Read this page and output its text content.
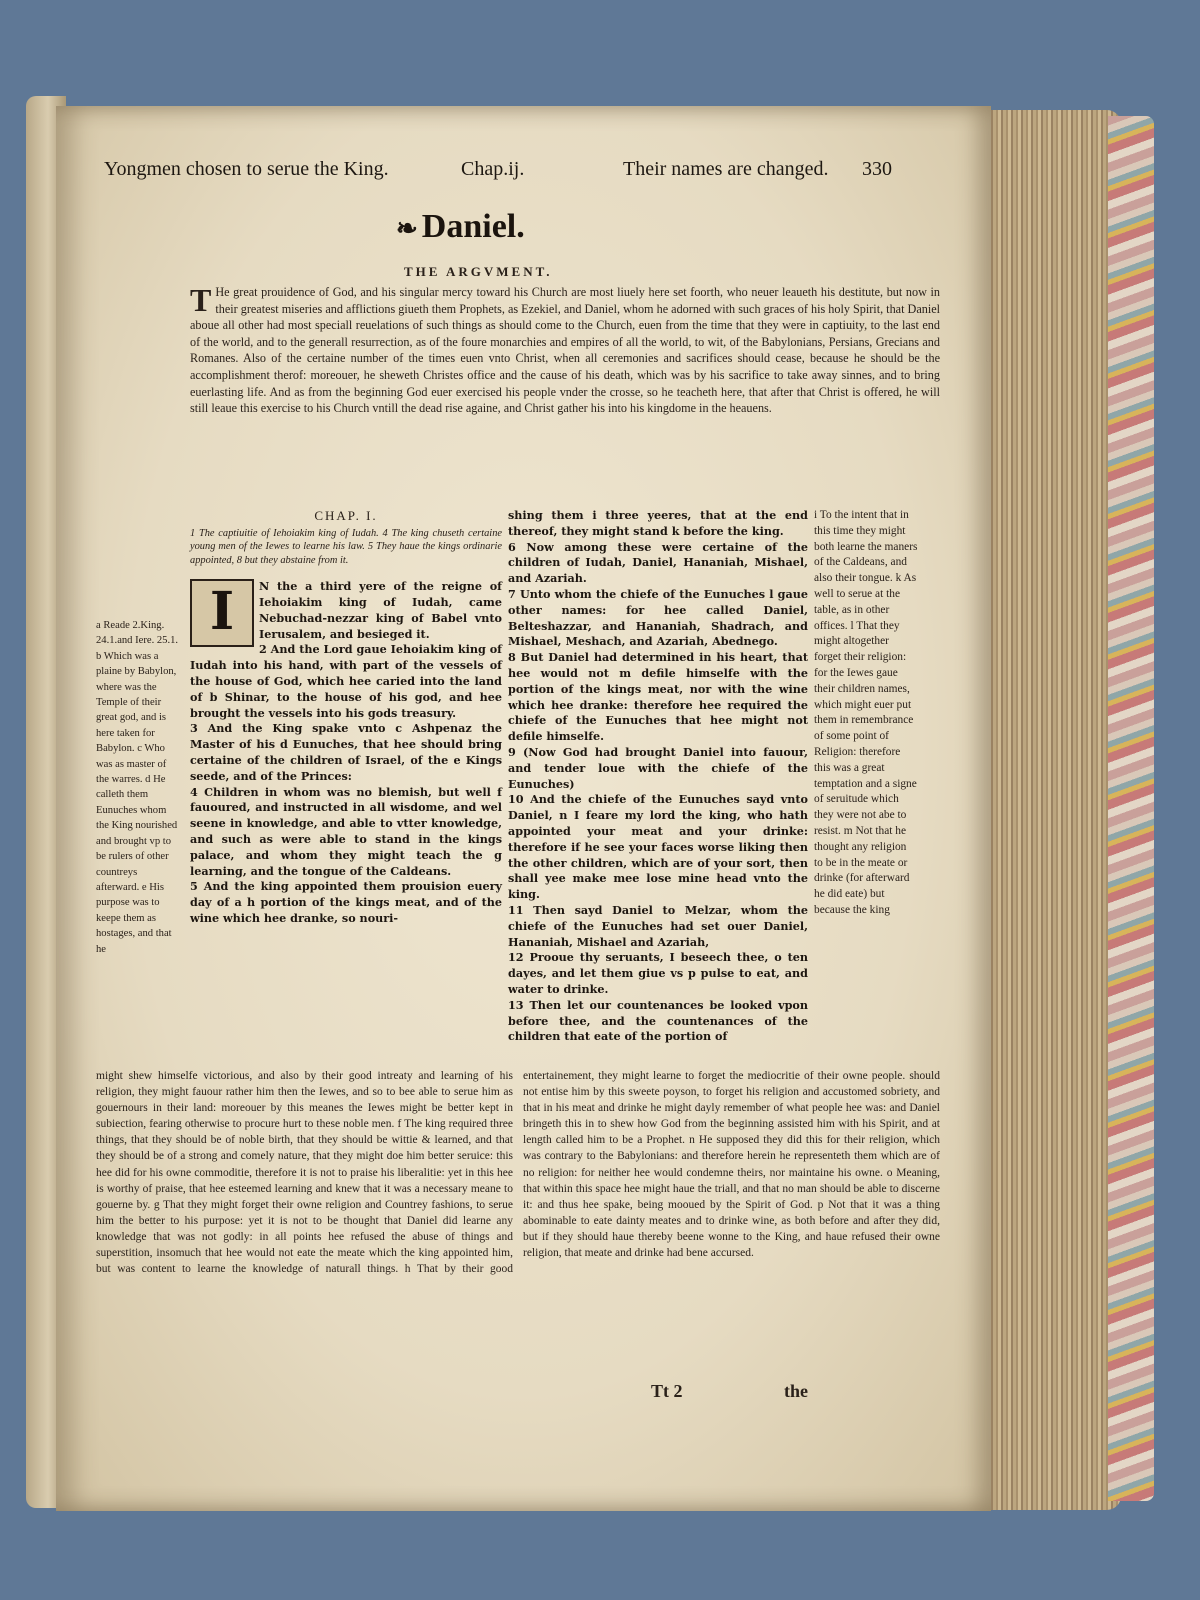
Yongmen chosen to serue the King.	Chap.ij.	Their names are changed. 330
❧ Daniel.
THE ARGVMENT.
T He great prouidence of God, and his singular mercy toward his Church are most liuely here set foorth, who neuer leaueth his destitute, but now in their greatest miseries and afflictions giueth them Prophets, as Ezekiel, and Daniel, whom he adorned with such graces of his holy Spirit, that Daniel aboue all other had most speciall reuelations of such things as should come to the Church, euen from the time that they were in captiuity, to the last end of the world, and to the generall resurrection, as of the foure monarchies and empires of all the world, to wit, of the Babylonians, Persians, Grecians and Romanes. Also of the certaine number of the times euen vnto Christ, when all ceremonies and sacrifices should cease, because he should be the accomplishment therof: moreouer, he sheweth Christes office and the cause of his death, which was by his sacrifice to take away sinnes, and to bring euerlasting life. And as from the beginning God euer exercised his people vnder the crosse, so he teacheth here, that after that Christ is offered, he will still leaue this exercise to his Church vntill the dead rise againe, and Christ gather his into his kingdome in the heauens.
a Reade 2.King. 24.1.and Iere. 25.1. b Which was a plaine by Babylon, where was the Temple of their great god, and is here taken for Babylon. c Who was as master of the warres. d He calleth them Eunuches whom the King nourished and brought vp to be rulers of other countreys afterward. e His purpose was to keepe them as hostages, and that he
CHAP. I.
1 The captiuitie of Iehoiakim king of Iudah. 4 The king chuseth certaine young men of the Iewes to learne his law. 5 They haue the kings ordinarie appointed, 8 but they abstaine from it.
I	N the a third yere of the reigne of Iehoiakim king of Iudah, came Nebuchad-nezzar king of Babel vnto Ierusalem, and besieged it.

2 And the Lord gaue Iehoiakim king of Iudah into his hand, with part of the vessels of the house of God, which hee caried into the land of b Shinar, to the house of his god, and hee brought the vessels into his gods treasury.

3 And the King spake vnto c Ashpenaz the Master of his d Eunuches, that hee should bring certaine of the children of Israel, of the e Kings seede, and of the Princes:

4 Children in whom was no blemish, but well f fauoured, and instructed in all wisdome, and wel seene in knowledge, and able to vtter knowledge, and such as were able to stand in the kings palace, and whom they might teach the g learning, and the tongue of the Caldeans.

5 And the king appointed them prouision euery day of a h portion of the kings meat, and of the wine which hee dranke, so nouri-

shing them i three yeeres, that at the end thereof, they might stand k before the king.

6 Now among these were certaine of the children of Iudah, Daniel, Hananiah, Mishael, and Azariah.

7 Unto whom the chiefe of the Eunuches l gaue other names: for hee called Daniel, Belteshazzar, and Hananiah, Shadrach, and Mishael, Meshach, and Azariah, Abednego.

8 But Daniel had determined in his heart, that hee would not m defile himselfe with the portion of the kings meat, nor with the wine which hee dranke: therefore hee required the chiefe of the Eunuches that hee might not defile himselfe.

9 (Now God had brought Daniel into fauour, and tender loue with the chiefe of the Eunuches)

10 And the chiefe of the Eunuches sayd vnto Daniel, n I feare my lord the king, who hath appointed your meat and your drinke: therefore if he see your faces worse liking then the other children, which are of your sort, then shall yee make mee lose mine head vnto the king.

11 Then sayd Daniel to Melzar, whom the chiefe of the Eunuches had set ouer Daniel, Hananiah, Mishael and Azariah,

12 Prooue thy seruants, I beseech thee, o ten dayes, and let them giue vs p pulse to eat, and water to drinke.

13 Then let our countenances be looked vpon before thee, and the countenances of the children that eate of the portion of

i To the intent that in this time they might both learne the maners of the Caldeans, and also their tongue. k As well to serue at the table, as in other offices. l That they might altogether forget their religion: for the Iewes gaue their children names, which might euer put them in remembrance of some point of Religion: therefore this was a great temptation and a signe of seruitude which they were not abe to resist. m Not that he thought any religion to be in the meate or drinke (for afterward he did eate) but because the king
might shew himselfe victorious, and also by their good intreaty and learning of his religion, they might fauour rather him then the Iewes, and so to bee able to serue him as gouernours in their land: moreouer by this meanes the Iewes might be better kept in subiection, fearing otherwise to procure hurt to these noble men. f The king required three things, that they should be of noble birth, that they should be wittie & learned, and that they should be of a strong and comely nature, that they might doe him better seruice: this hee did for his owne commoditie, therefore it is not to praise his liberalitie: yet in this hee is worthy of praise, that hee esteemed learning and knew that it was a necessary meane to gouerne by. g That they might forget their owne religion and Countrey fashions, to serue him the better to his purpose: yet it is not to be thought that Daniel did learne any knowledge that was not godly: in all points hee refused the abuse of things and superstition, insomuch that hee would not eate the meate which the king appointed him, but was content to learne the knowledge of naturall things. h That by their good entertainement, they might learne to forget the mediocritie of their owne people. should not entise him by this sweete poyson, to forget his religion and accustomed sobriety, and that in his meat and drinke he might dayly remember of what people hee was: and Daniel bringeth this in to shew how God from the beginning assisted him with his Spirit, and at length called him to be a Prophet. n He supposed they did this for their religion, which was contrary to the Babylonians: and therefore herein he representeth them which are of no religion: for neither hee would condemne theirs, nor maintaine his owne. o Meaning, that within this space hee might haue the triall, and that no man should be able to discerne it: and thus hee spake, being mooued by the Spirit of God. p Not that it was a thing abominable to eate dainty meates and to drinke wine, as both before and after they did, but if they should haue thereby beene wonne to the King, and haue refused their owne religion, that meate and drinke had bene accursed.
Tt 2	the
